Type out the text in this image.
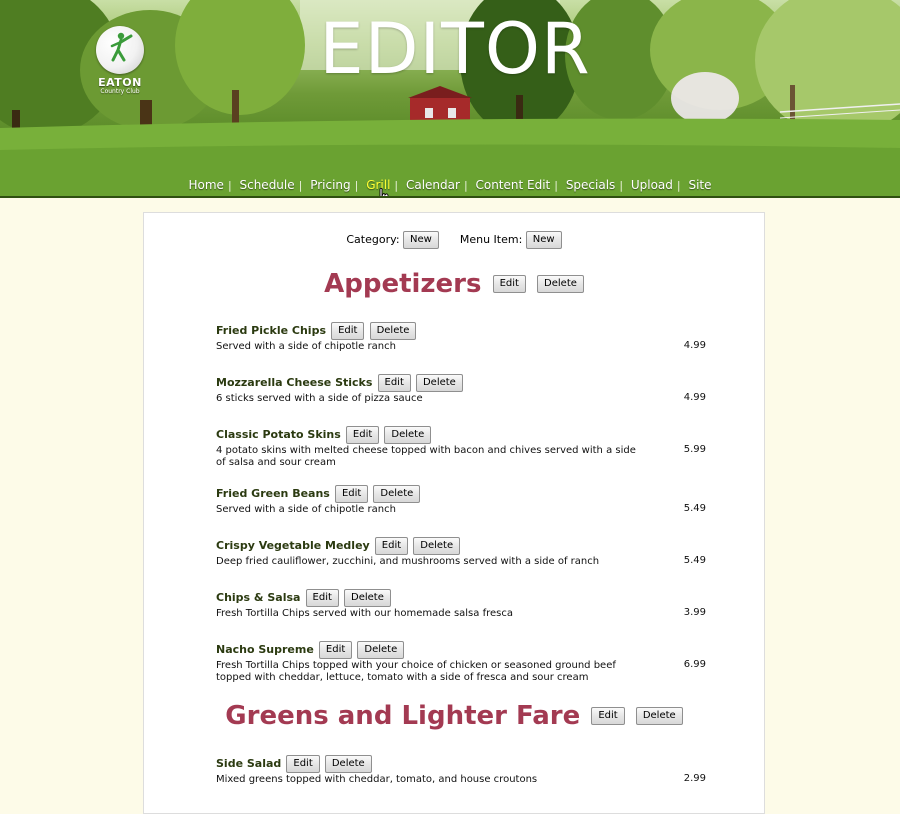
EATON
Country Club
EDITOR
Home | Schedule | Pricing | Grill | Calendar | Content Edit | Specials | Upload | Site
Category: New	Menu Item: New
Appetizers Edit	Delete
Fried Pickle Chips Edit Delete
Served with a side of chipotle ranch	4.99
Mozzarella Cheese Sticks Edit Delete
6 sticks served with a side of pizza sauce	4.99
Classic Potato Skins Edit Delete
4 potato skins with melted cheese topped with bacon and chives served with a side of salsa and sour cream
5.99
Fried Green Beans Edit Delete
Served with a side of chipotle ranch	5.49
Crispy Vegetable Medley Edit Delete
Deep fried cauliflower, zucchini, and mushrooms served with a side of ranch	5.49
Chips & Salsa Edit Delete
Fresh Tortilla Chips served with our homemade salsa fresca	3.99
Nacho Supreme Edit Delete
Fresh Tortilla Chips topped with your choice of chicken or seasoned ground beef topped with cheddar, lettuce, tomato with a side of fresca and sour cream
6.99
Greens and Lighter Fare Edit	Delete
Side Salad Edit Delete
Mixed greens topped with cheddar, tomato, and house croutons	2.99
